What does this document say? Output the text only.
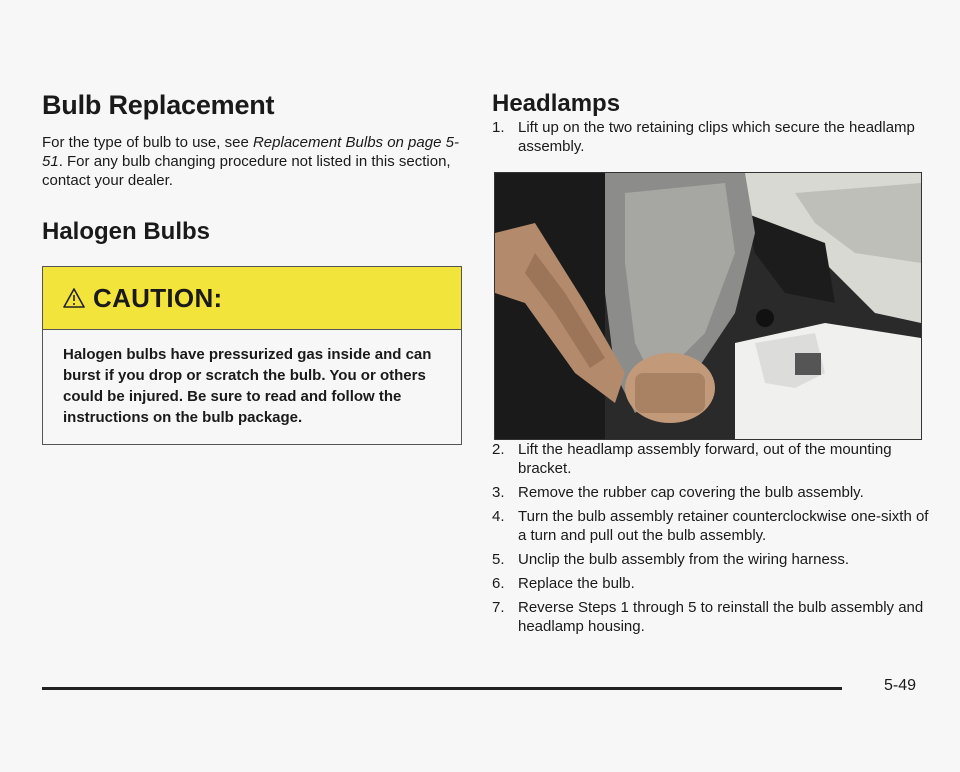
Bulb Replacement

For the type of bulb to use, see Replacement Bulbs on page 5-51. For any bulb changing procedure not listed in this section, contact your dealer.

Halogen Bulbs
CAUTION:
Halogen bulbs have pressurized gas inside and can burst if you drop or scratch the bulb. You or others could be injured. Be sure to read and follow the instructions on the bulb package.
Headlamps
1. Lift up on the two retaining clips which secure the headlamp assembly.
2. Lift the headlamp assembly forward, out of the mounting bracket.
3. Remove the rubber cap covering the bulb assembly.
4. Turn the bulb assembly retainer counterclockwise one-sixth of a turn and pull out the bulb assembly.
5. Unclip the bulb assembly from the wiring harness.
6. Replace the bulb.
7. Reverse Steps 1 through 5 to reinstall the bulb assembly and headlamp housing.
5-49
